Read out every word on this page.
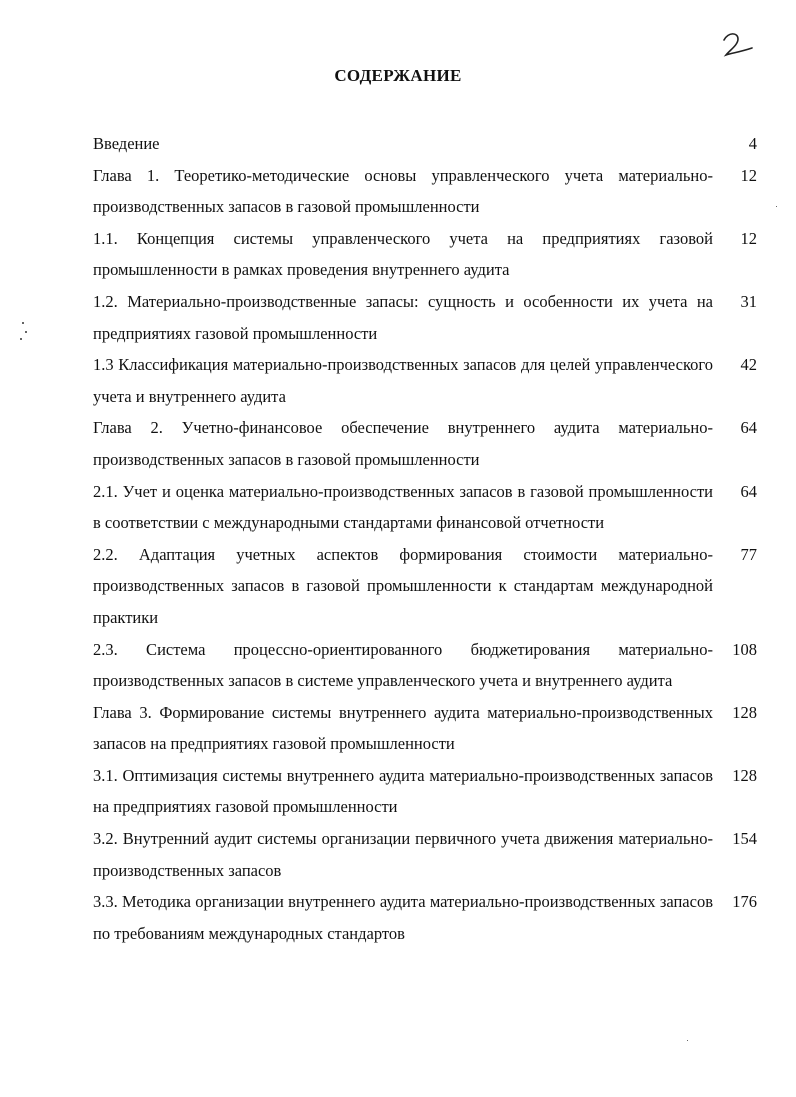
СОДЕРЖАНИЕ
Введение	4
Глава 1. Теоретико-методические основы управленческого учета материально-производственных запасов в газовой промышленности
12
1.1. Концепция системы управленческого учета на предприятиях газовой промышленности в рамках проведения внутреннего аудита
12
1.2. Материально-производственные запасы: сущность и особенности их учета на предприятиях газовой промышленности
31
1.3 Классификация материально-производственных запасов для целей управленческого учета и внутреннего аудита
42
Глава 2. Учетно-финансовое обеспечение внутреннего аудита материально-производственных запасов в газовой промышленности
64
2.1. Учет и оценка материально-производственных запасов в газовой промышленности в соответствии с международными стандартами финансовой отчетности
64
2.2. Адаптация учетных аспектов формирования стоимости материально-производственных запасов в газовой промышленности к стандартам международной практики
77
2.3. Система процессно-ориентированного бюджетирования материально-производственных запасов в системе управленческого учета и внутреннего аудита
108
Глава 3. Формирование системы внутреннего аудита материально-производственных запасов на предприятиях газовой промышленности
128
3.1. Оптимизация системы внутреннего аудита материально-производственных запасов на предприятиях газовой промышленности
128
3.2. Внутренний аудит системы организации первичного учета движения материально-производственных запасов
154
3.3. Методика организации внутреннего аудита материально-производственных запасов по требованиям международных стандартов
176
